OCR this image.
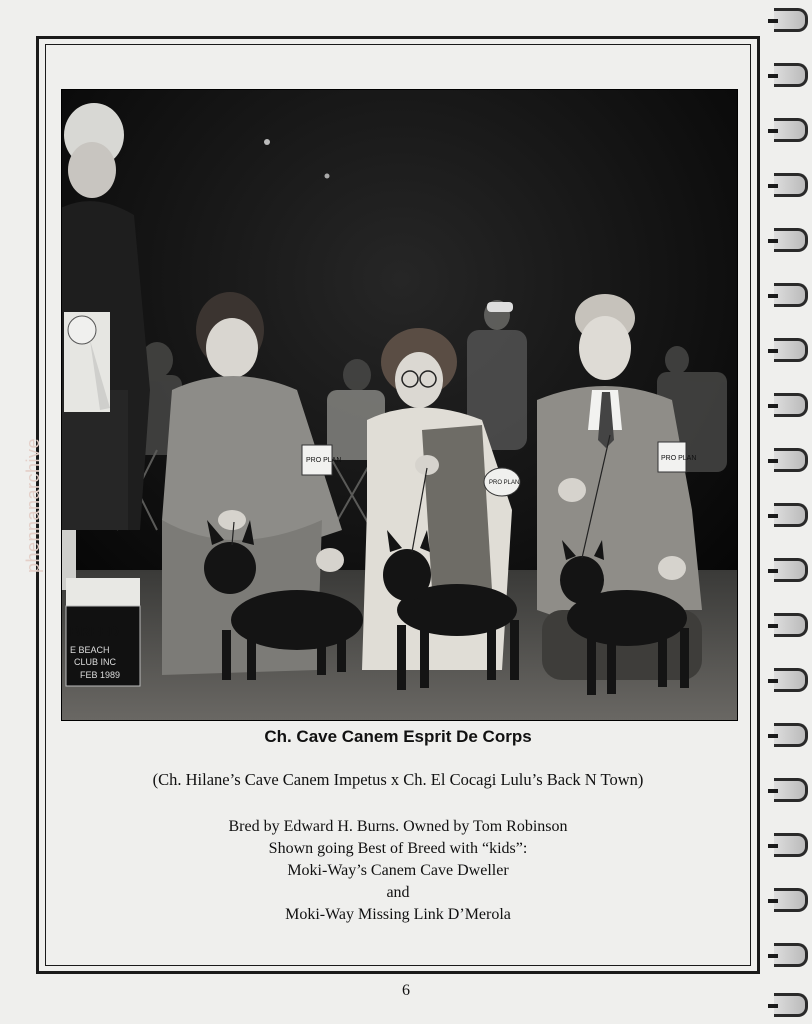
BREED
E BEACH
CLUB INC
FEB 1989
PRO PLAN
PRO PLAN
PRO PLAN
Ch. Cave Canem Esprit De Corps
(Ch. Hilane’s Cave Canem Impetus x Ch. El Cocagi Lulu’s Back N Town)
Bred by Edward H. Burns. Owned by Tom Robinson
Shown going Best of Breed with “kids”:
Moki-Way’s Canem Cave Dweller
and
Moki-Way Missing Link D’Merola
6
phennanarchive
